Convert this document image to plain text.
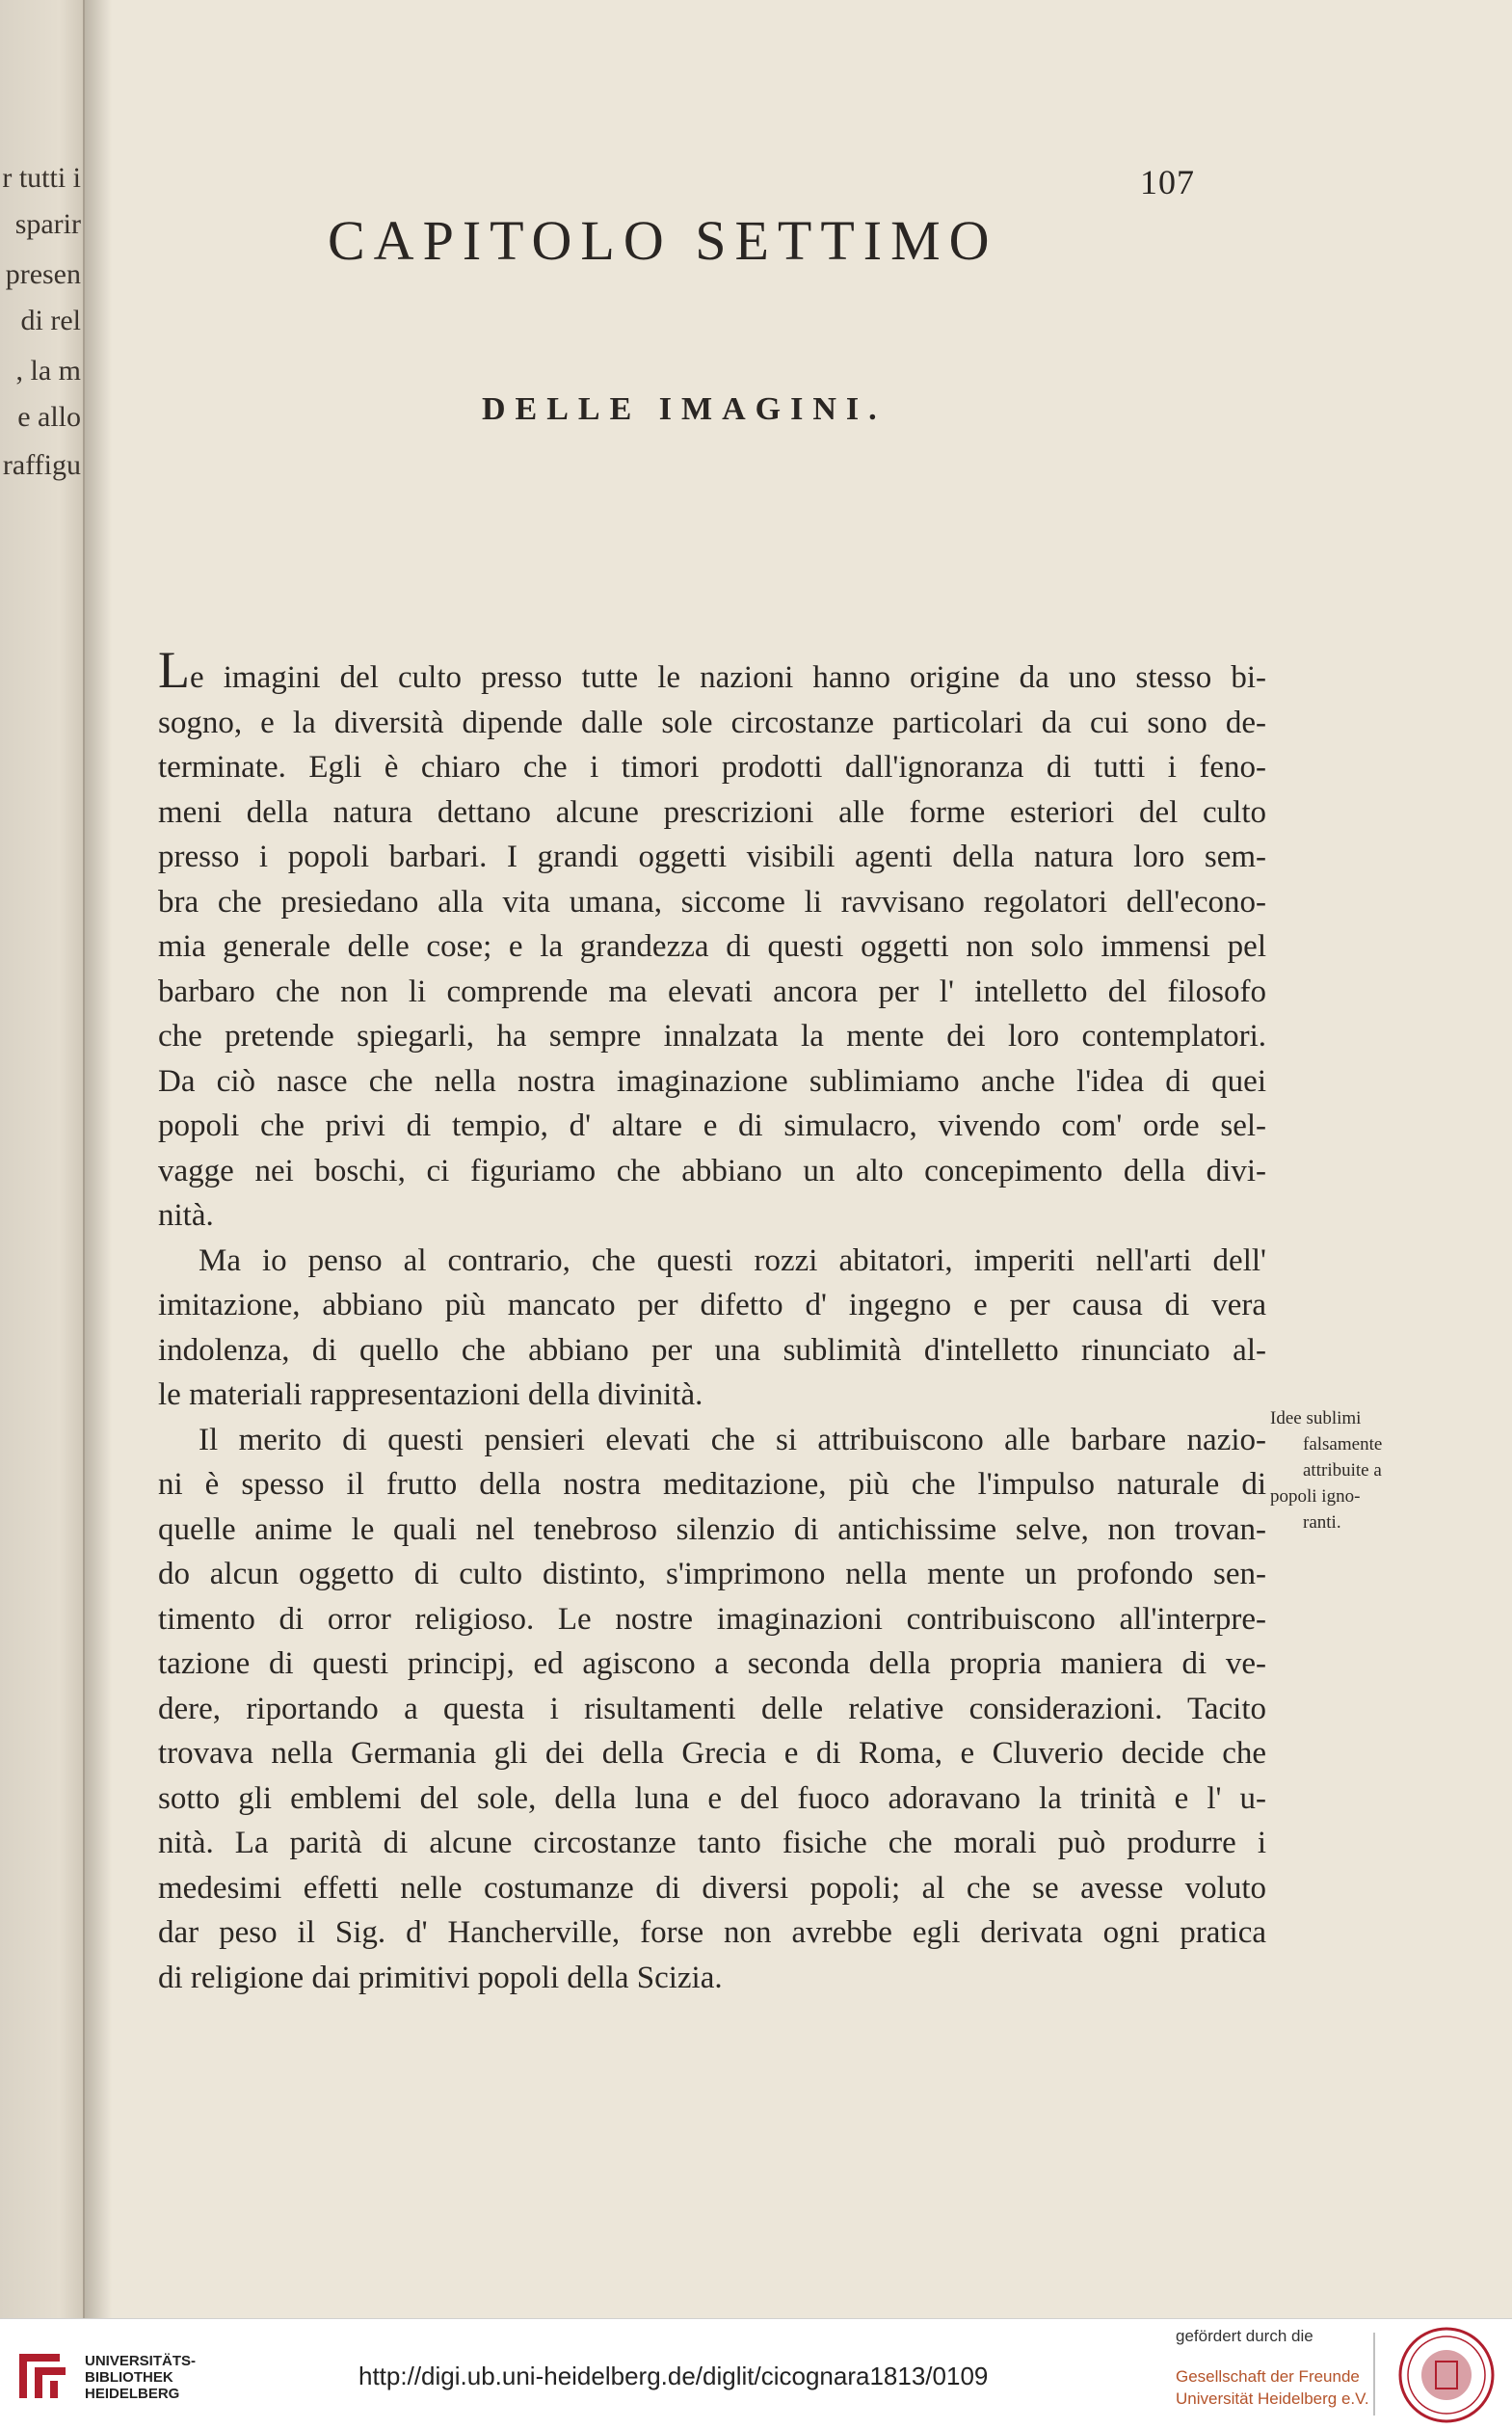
r tutti i
sparir
presen
di rel
, la m
e allo
raffigu
107
CAPITOLO SETTIMO
DELLE IMAGINI.
Le imagini del culto presso tutte le nazioni hanno origine da uno stesso bi-
sogno, e la diversità dipende dalle sole circostanze particolari da cui sono de-
terminate. Egli è chiaro che i timori prodotti dall'ignoranza di tutti i feno-
meni della natura dettano alcune prescrizioni alle forme esteriori del culto
presso i popoli barbari. I grandi oggetti visibili agenti della natura loro sem-
bra che presiedano alla vita umana, siccome li ravvisano regolatori dell'econo-
mia generale delle cose; e la grandezza di questi oggetti non solo immensi pel
barbaro che non li comprende ma elevati ancora per l' intelletto del filosofo
che pretende spiegarli, ha sempre innalzata la mente dei loro contemplatori.
Da ciò nasce che nella nostra imaginazione sublimiamo anche l'idea di quei
popoli che privi di tempio, d' altare e di simulacro, vivendo com' orde sel-
vagge nei boschi, ci figuriamo che abbiano un alto concepimento della divi-
nità.
Ma io penso al contrario, che questi rozzi abitatori, imperiti nell'arti dell'
imitazione, abbiano più mancato per difetto d' ingegno e per causa di vera
indolenza, di quello che abbiano per una sublimità d'intelletto rinunciato al-
le materiali rappresentazioni della divinità.
Il merito di questi pensieri elevati che si attribuiscono alle barbare nazio-
ni è spesso il frutto della nostra meditazione, più che l'impulso naturale di
quelle anime le quali nel tenebroso silenzio di antichissime selve, non trovan-
do alcun oggetto di culto distinto, s'imprimono nella mente un profondo sen-
timento di orror religioso. Le nostre imaginazioni contribuiscono all'interpre-
tazione di questi principj, ed agiscono a seconda della propria maniera di ve-
dere, riportando a questa i risultamenti delle relative considerazioni. Tacito
trovava nella Germania gli dei della Grecia e di Roma, e Cluverio decide che
sotto gli emblemi del sole, della luna e del fuoco adoravano la trinità e l' u-
nità. La parità di alcune circostanze tanto fisiche che morali può produrre i
medesimi effetti nelle costumanze di diversi popoli; al che se avesse voluto
dar peso il Sig. d' Hancherville, forse non avrebbe egli derivata ogni pratica
di religione dai primitivi popoli della Scizia.
Idee sublimi
falsamente
attribuite a
popoli igno-
ranti.
UNIVERSITÄTS-
BIBLIOTHEK
HEIDELBERG
http://digi.ub.uni-heidelberg.de/diglit/cicognara1813/0109
gefördert durch die
Gesellschaft der Freunde
Universität Heidelberg e.V.
